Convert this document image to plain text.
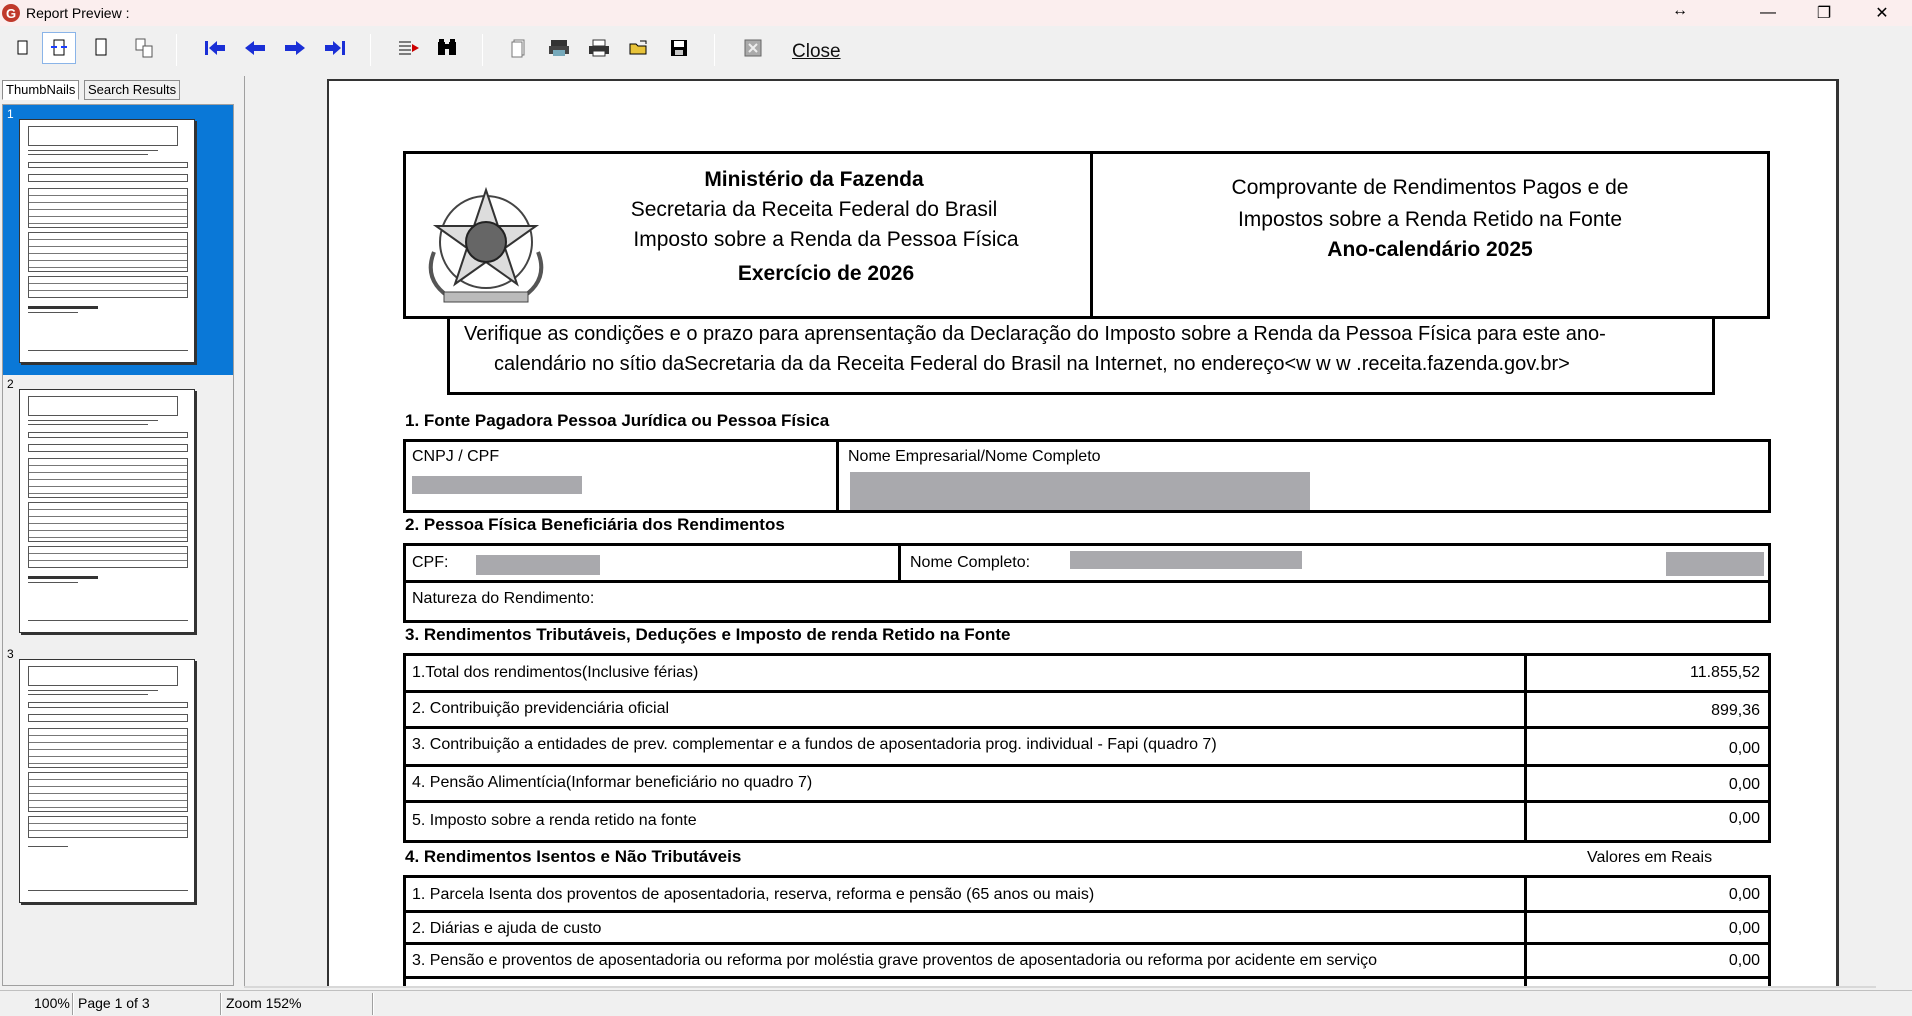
G Report Preview :	↔	—	❐	✕
Close
ThumbNails Search Results
1
2
3
Ministério da Fazenda
Secretaria da Receita Federal do Brasil
Imposto sobre a Renda da Pessoa Física
Exercício de 2026
Comprovante de Rendimentos Pagos e de
Impostos sobre a Renda Retido na Fonte
Ano-calendário 2025
Verifique as condições e o prazo para aprensentação da Declaração do Imposto sobre a Renda da Pessoa Física para este ano-
calendário no sítio daSecretaria da da Receita Federal do Brasil na Internet, no endereço<w w w .receita.fazenda.gov.br>
1. Fonte Pagadora Pessoa Jurídica ou Pessoa Física
CNPJ / CPF	Nome Empresarial/Nome Completo
2. Pessoa Física Beneficiária dos Rendimentos
CPF:	Nome Completo:
Natureza do Rendimento:
3. Rendimentos Tributáveis, Deduções e Imposto de renda Retido na Fonte
1.Total dos rendimentos(Inclusive férias)	11.855,52
2. Contribuição previdenciária oficial	899,36
3. Contribuição a entidades de prev. complementar e a fundos de aposentadoria prog. individual - Fapi (quadro 7)	0,00
4. Pensão Alimentícia(Informar beneficiário no quadro 7)	0,00
5. Imposto sobre a renda retido na fonte	0,00
4. Rendimentos Isentos e Não Tributáveis	Valores em Reais
1. Parcela Isenta dos proventos de aposentadoria, reserva, reforma e pensão (65 anos ou mais)	0,00
2. Diárias e ajuda de custo	0,00
3. Pensão e proventos de aposentadoria ou reforma por moléstia grave proventos de aposentadoria ou reforma por acidente em serviço	0,00
100% Page 1 of 3	Zoom 152%
